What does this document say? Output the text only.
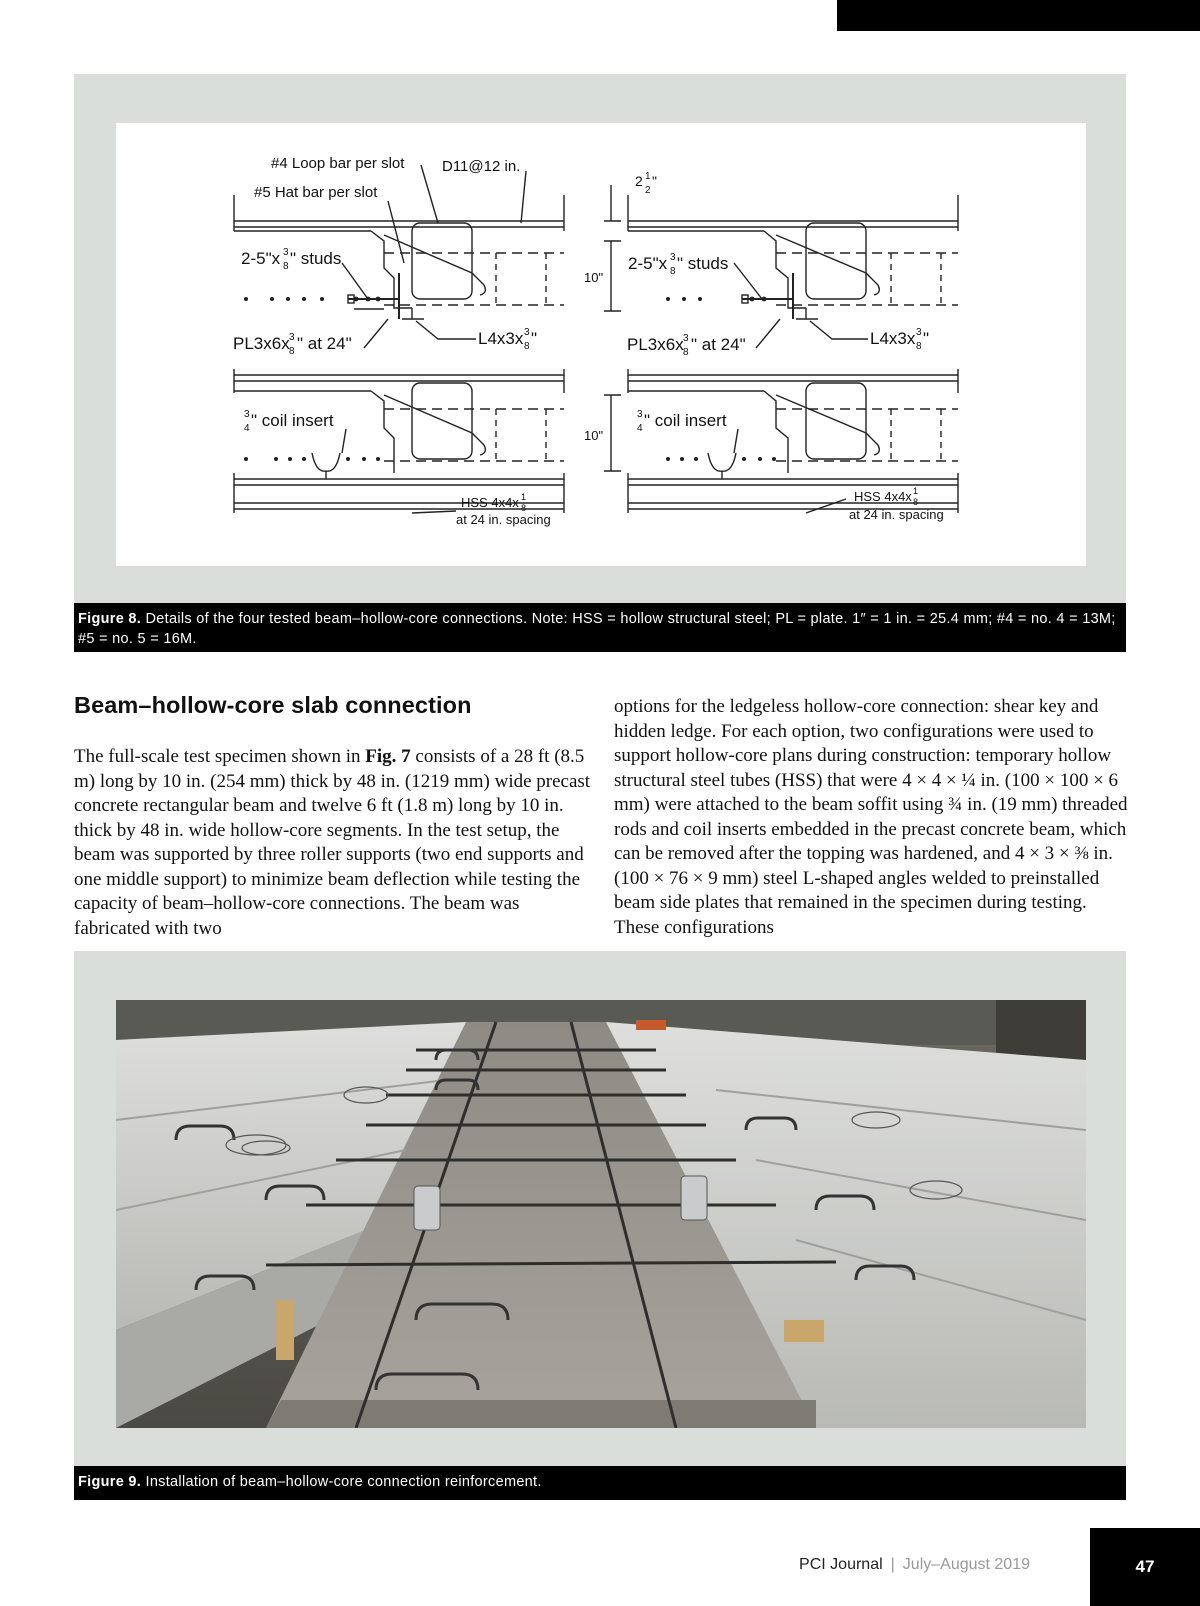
#4 Loop bar per slot	D11@12 in.
#5 Hat bar per slot
2-5"x 3
8 " studs
PL3x6x 3
8 " at 24"	L4x3x 3
8 "
3
4 " coil insert
HSS 4x4x 1
8
at 24 in. spacing
2 1
2
"
10"
10"
2-5"x 3
8 " studs
PL3x6x 3
8 " at 24"	L4x3x 3
8 "
3
4 " coil insert
HSS 4x4x 1
8
at 24 in. spacing
Figure 8. Details of the four tested beam–hollow-core connections. Note: HSS = hollow structural steel; PL = plate. 1″ = 1 in. = 25.4 mm; #4 = no. 4 = 13M; #5 = no. 5 = 16M.
Beam–hollow-core slab connection

The full-scale test specimen shown in Fig. 7 consists of a 28 ft (8.5 m) long by 10 in. (254 mm) thick by 48 in. (1219 mm) wide precast concrete rectangular beam and twelve 6 ft (1.8 m) long by 10 in. thick by 48 in. wide hollow-core segments. In the test setup, the beam was supported by three roller supports (two end supports and one middle support) to minimize beam deflection while testing the capacity of beam–hollow-core connections. The beam was fabricated with two

options for the ledgeless hollow-core connection: shear key and hidden ledge. For each option, two configurations were used to support hollow-core plans during construction: temporary hollow structural steel tubes (HSS) that were 4 × 4 × ¼ in. (100 × 100 × 6 mm) were attached to the beam soffit using ¾ in. (19 mm) threaded rods and coil inserts embedded in the precast concrete beam, which can be removed after the topping was hardened, and 4 × 3 × ⅜ in. (100 × 76 × 9 mm) steel L-shaped angles welded to preinstalled beam side plates that remained in the specimen during testing. These configurations

Figure 9. Installation of beam–hollow-core connection reinforcement.
PCI Journal | July–August 2019	47
